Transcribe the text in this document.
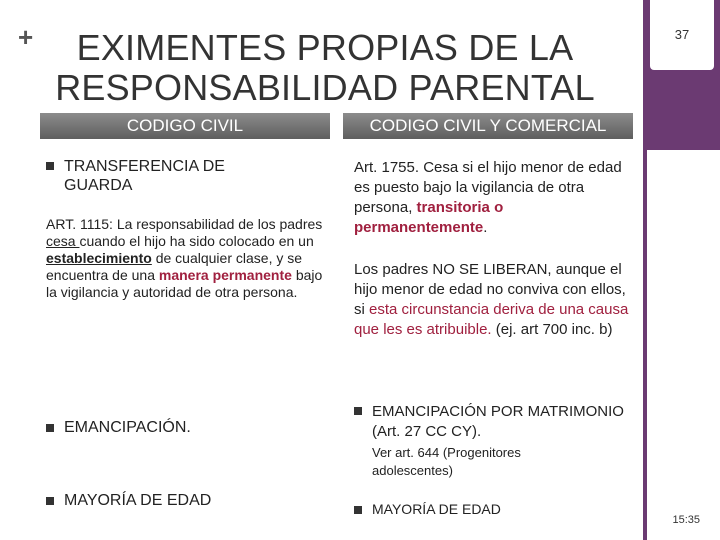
+	EXIMENTES PROPIAS DE LA RESPONSABILIDAD PARENTAL
37
CODIGO CIVIL	CODIGO CIVIL Y COMERCIAL
TRANSFERENCIA DE GUARDA
ART. 1115: La responsabilidad de los padres cesa cuando el hijo ha sido colocado en un establecimiento de cualquier clase, y se encuentra de una manera permanente bajo la vigilancia y autoridad de otra persona.
EMANCIPACIÓN.
MAYORÍA DE EDAD
Art. 1755. Cesa si el hijo menor de edad es puesto bajo la vigilancia de otra persona, transitoria o permanentemente.
Los padres NO SE LIBERAN, aunque el hijo menor de edad no conviva con ellos, si esta circunstancia deriva de una causa que les es atribuible. (ej. art 700 inc. b)
EMANCIPACIÓN POR MATRIMONIO (Art. 27 CC CY).
Ver art. 644 (Progenitores adolescentes)
MAYORÍA DE EDAD
15:35
